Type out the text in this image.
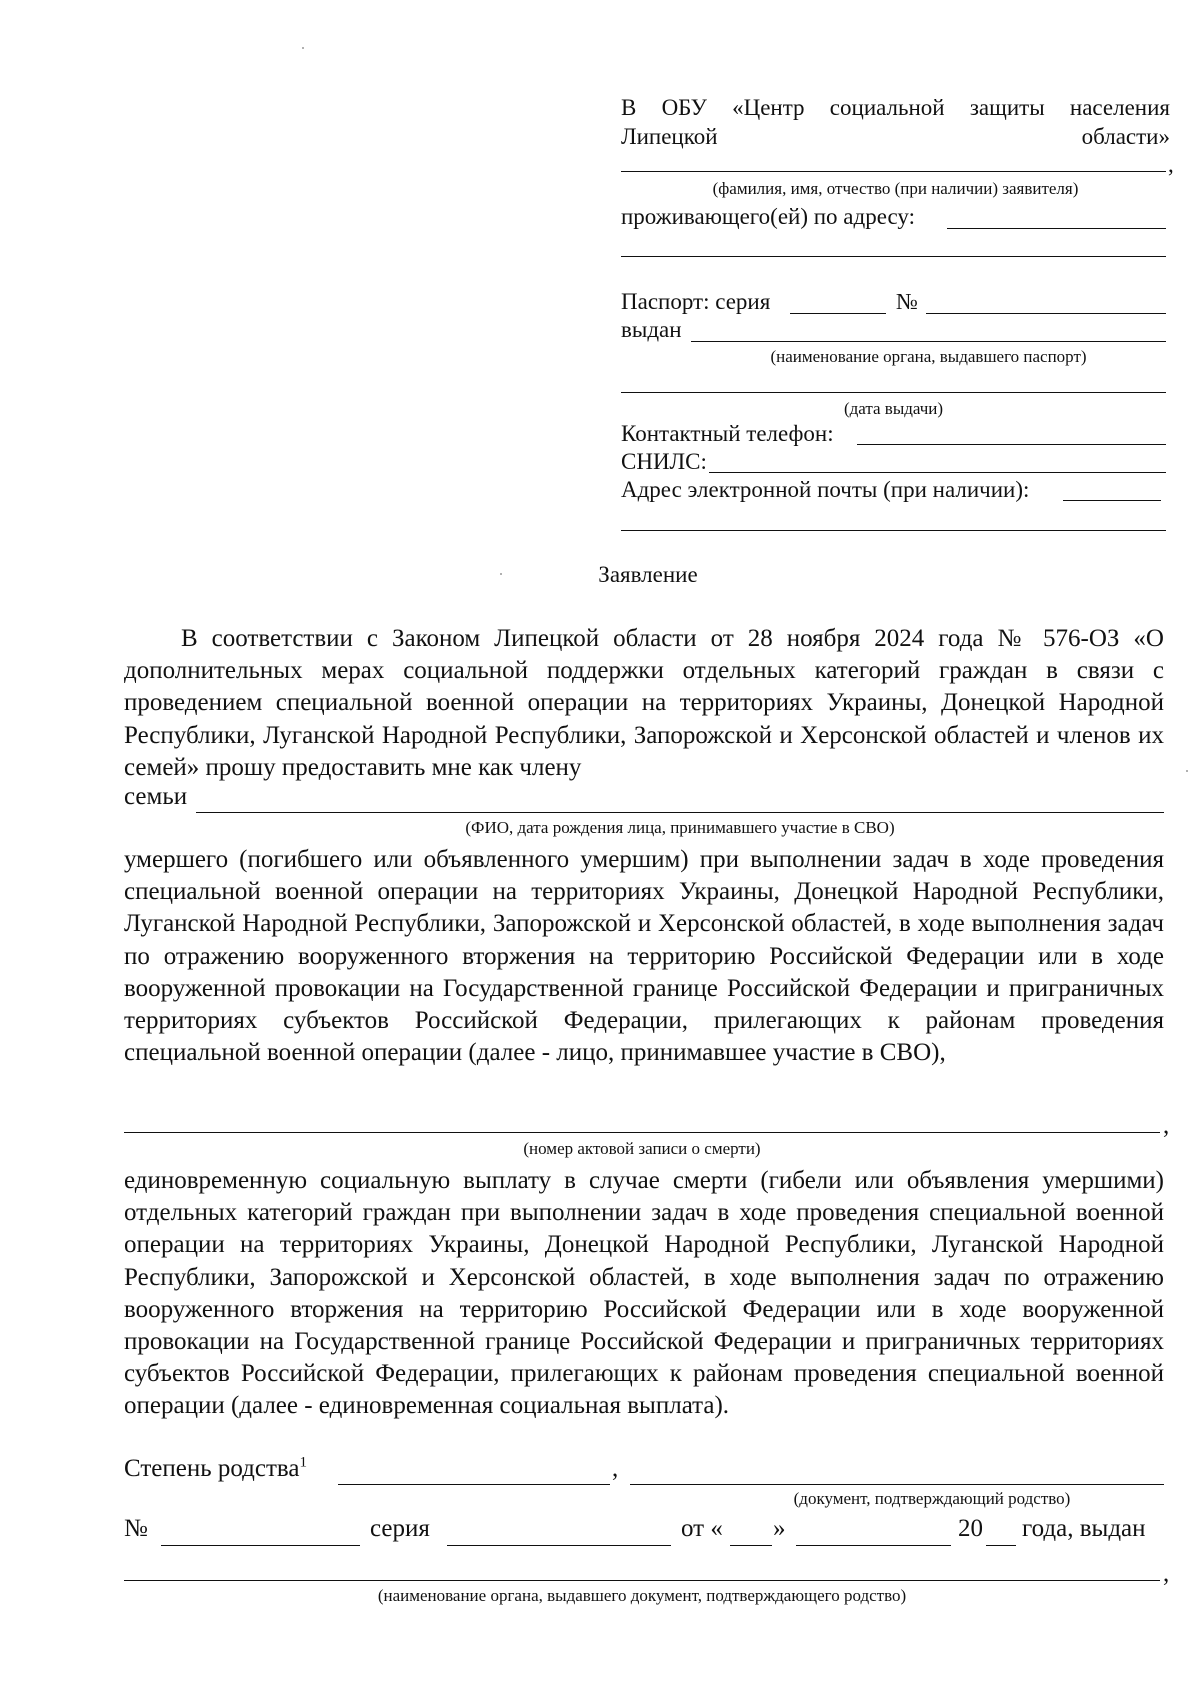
В ОБУ «Центр социальной защиты населения Липецкой области»
,
(фамилия, имя, отчество (при наличии) заявителя)
проживающего(ей) по адресу:
Паспорт: серия	№
выдан
(наименование органа, выдавшего паспорт)
(дата выдачи)
Контактный телефон:
СНИЛС:
Адрес электронной почты (при наличии):
Заявление

В соответствии с Законом Липецкой области от 28 ноября 2024 года № 576-ОЗ «О дополнительных мерах социальной поддержки отдельных категорий граждан в связи с проведением специальной военной операции на территориях Украины, Донецкой Народной Республики, Луганской Народной Республики, Запорожской и Херсонской областей и членов их семей» прошу предоставить мне как члену

семьи
(ФИО, дата рождения лица, принимавшего участие в СВО)

умершего (погибшего или объявленного умершим) при выполнении задач в ходе проведения специальной военной операции на территориях Украины, Донецкой Народной Республики, Луганской Народной Республики, Запорожской и Херсонской областей, в ходе выполнения задач по отражению вооруженного вторжения на территорию Российской Федерации или в ходе вооруженной провокации на Государственной границе Российской Федерации и приграничных территориях субъектов Российской Федерации, прилегающих к районам проведения специальной военной операции (далее - лицо, принимавшее участие в СВО),

,
(номер актовой записи о смерти)

единовременную социальную выплату в случае смерти (гибели или объявления умершими) отдельных категорий граждан при выполнении задач в ходе проведения специальной военной операции на территориях Украины, Донецкой Народной Республики, Луганской Народной Республики, Запорожской и Херсонской областей, в ходе выполнения задач по отражению вооруженного вторжения на территорию Российской Федерации или в ходе вооруженной провокации на Государственной границе Российской Федерации и приграничных территориях субъектов Российской Федерации, прилегающих к районам проведения специальной военной операции (далее - единовременная социальная выплата).

Степень родства$^1$	,
(документ, подтверждающий родство)
№	серия	от « »	20 года, выдан
,
(наименование органа, выдавшего документ, подтверждающего родство)
